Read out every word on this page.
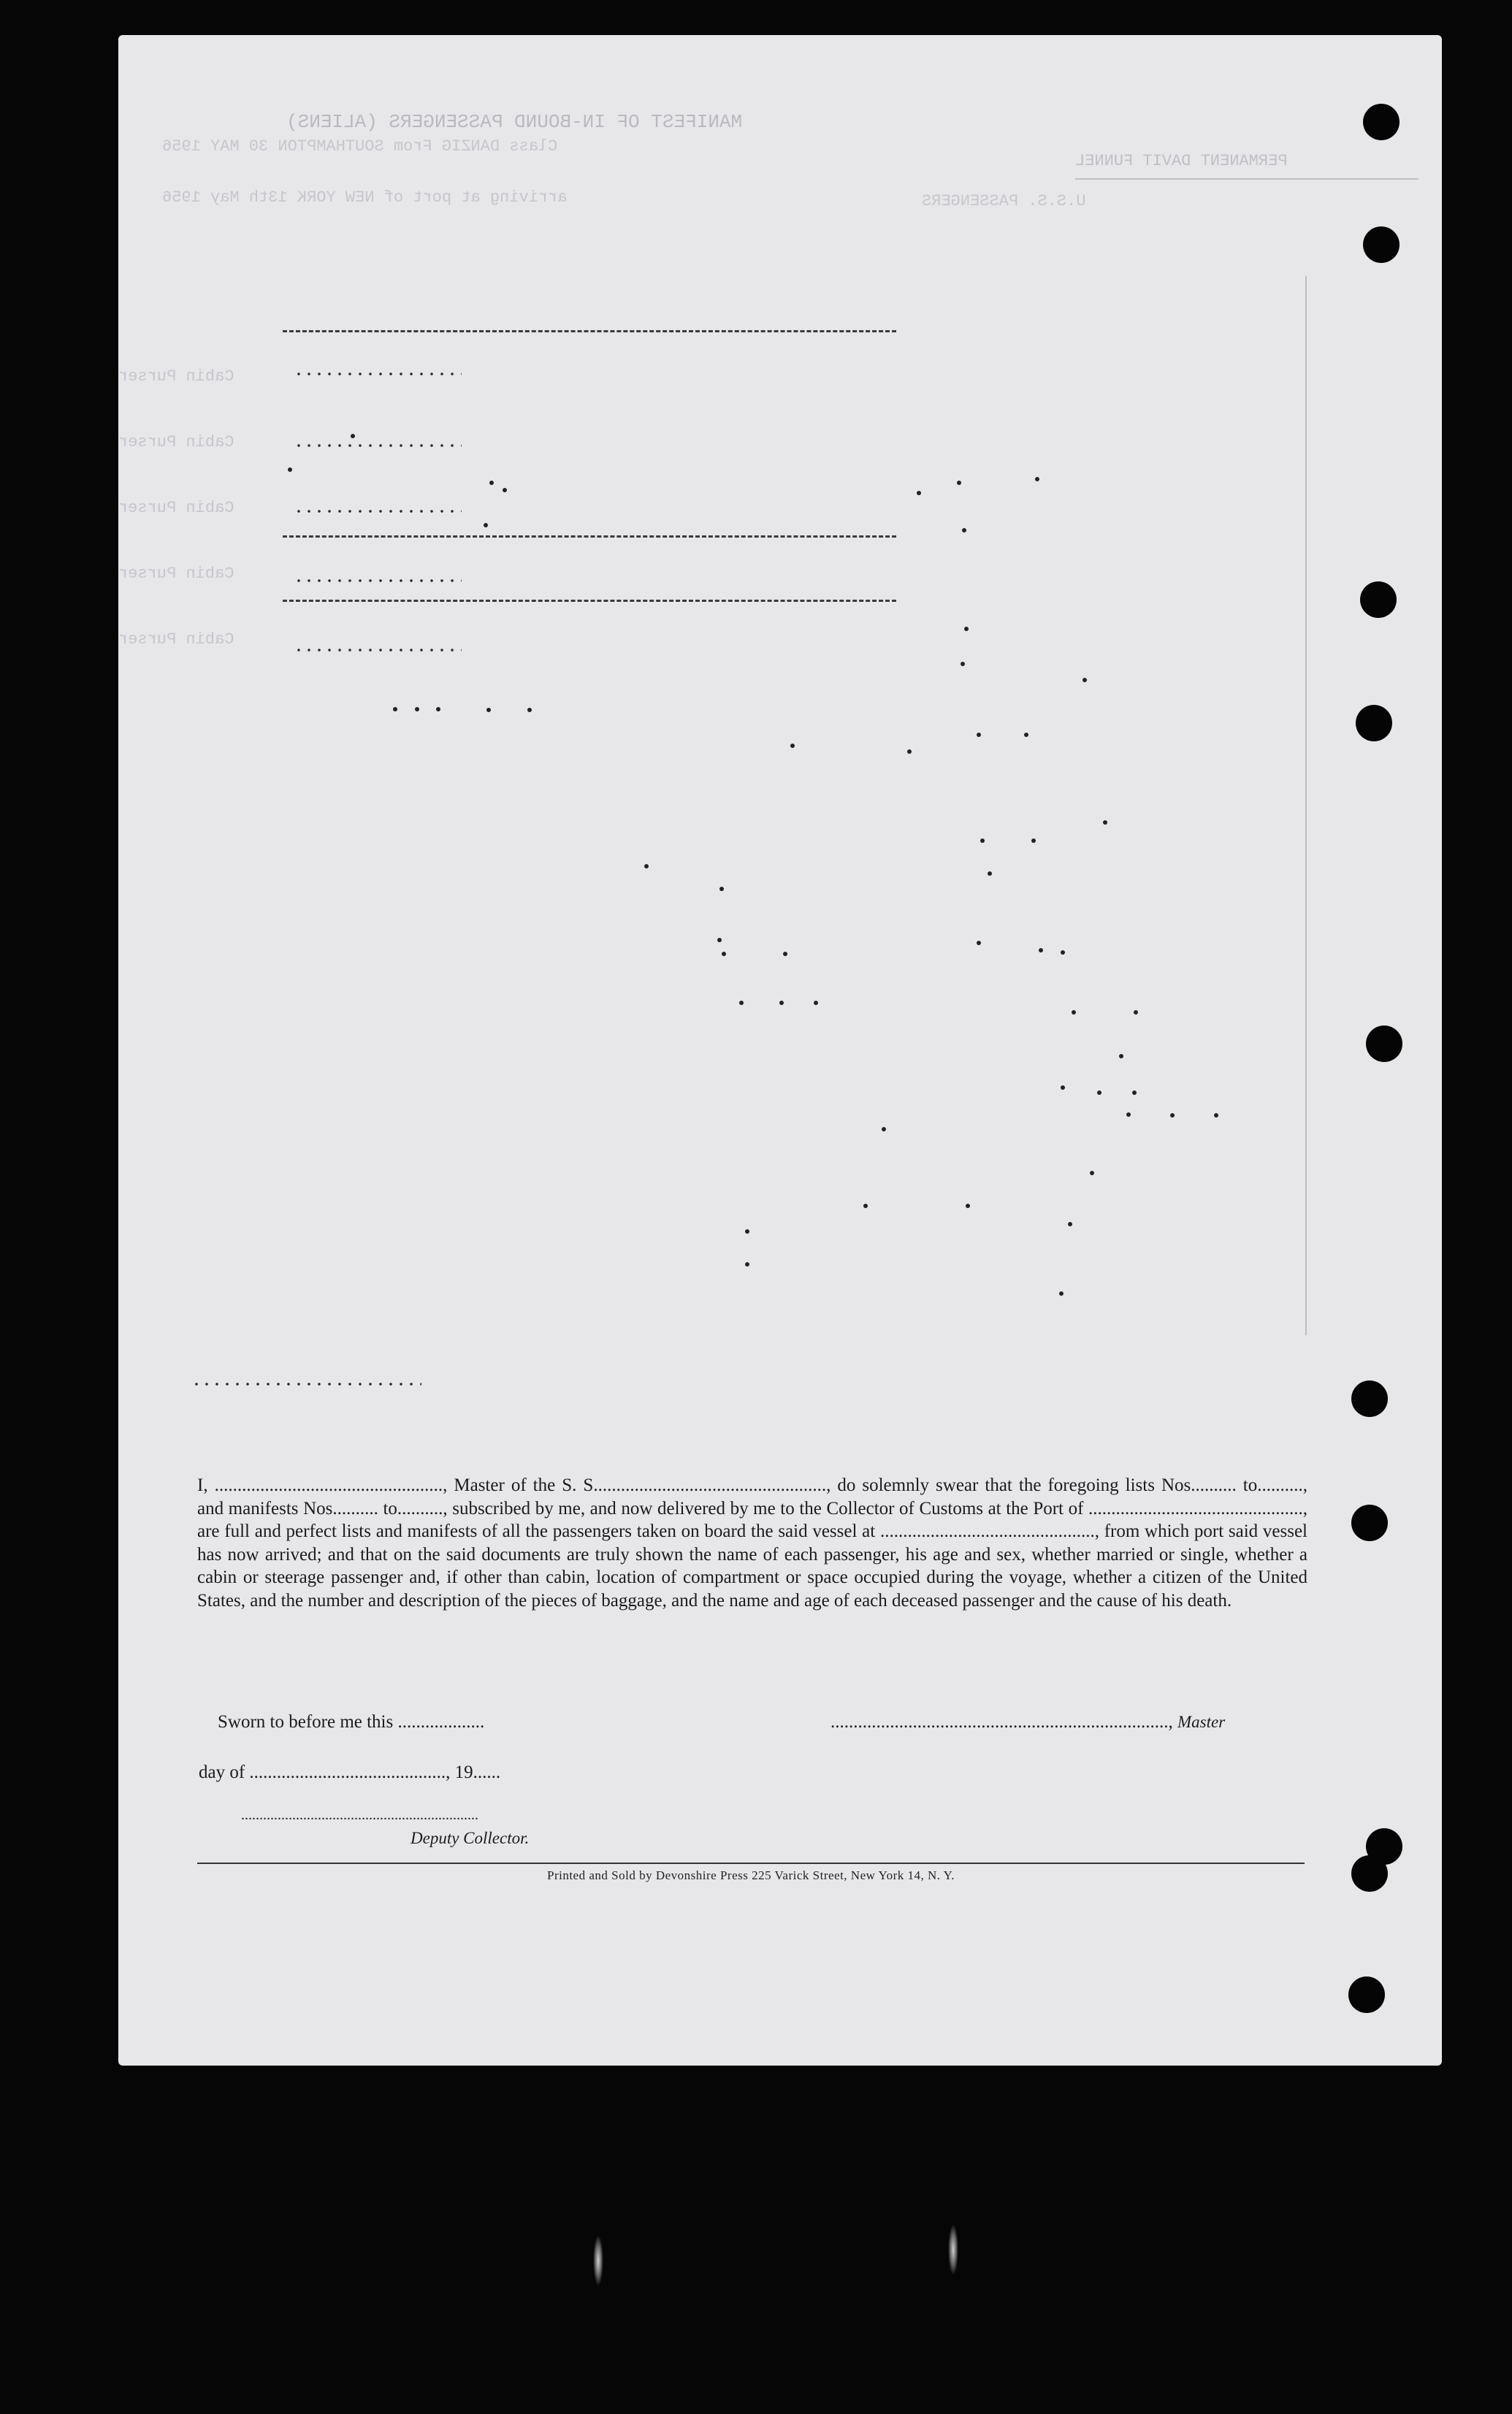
MANIFEST OF IN-BOUND PASSENGERS (ALIENS)
Class DANZIG From SOUTHAMPTON 30 MAY 1956
arriving at port of NEW YORK 13th May 1956
PERMANENT DAVIT FUNNEL
U.S.S. PASSENGERS
Cabin Purser
Cabin Purser
Cabin Purser
Cabin Purser
Cabin Purser

I, .................................................., Master of the S. S..................................................., do solemnly swear that the foregoing lists Nos.......... to.........., and manifests Nos.......... to.........., subscribed by me, and now delivered by me to the Collector of Customs at the Port of ..............................................., are full and perfect lists and manifests of all the passengers taken on board the said vessel at ..............................................., from which port said vessel has now arrived; and that on the said documents are truly shown the name of each passenger, his age and sex, whether married or single, whether a cabin or steerage passenger and, if other than cabin, location of compartment or space occupied during the voyage, whether a citizen of the United States, and the number and description of the pieces of baggage, and the name and age of each deceased passenger and the cause of his death.

Sworn to before me this ...................	.........................................................................., Master
day of ..........................................., 19......
.................................................................
Deputy Collector.
Printed and Sold by Devonshire Press 225 Varick Street, New York 14, N. Y.
